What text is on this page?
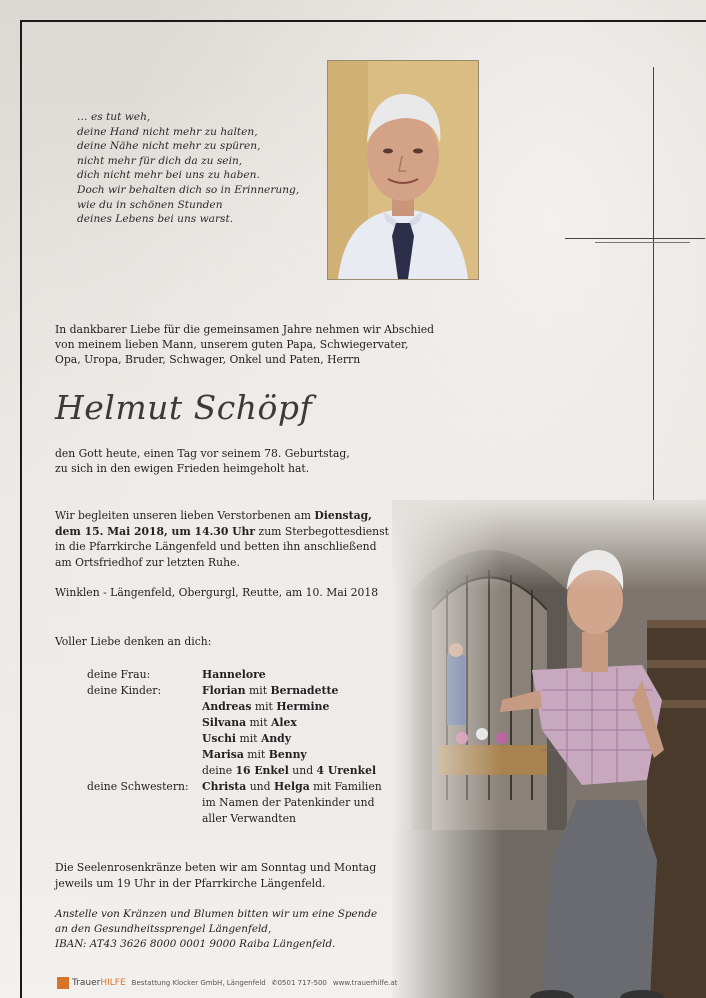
… es tut weh,
deine Hand nicht mehr zu halten,
deine Nähe nicht mehr zu spüren,
nicht mehr für dich da zu sein,
dich nicht mehr bei uns zu haben.
Doch wir behalten dich so in Erinnerung,
wie du in schönen Stunden
deines Lebens bei uns warst.
In dankbarer Liebe für die gemeinsamen Jahre nehmen wir Abschied
von meinem lieben Mann, unserem guten Papa, Schwiegervater,
Opa, Uropa, Bruder, Schwager, Onkel und Paten, Herrn
Helmut Schöpf
den Gott heute, einen Tag vor seinem 78. Geburtstag,
zu sich in den ewigen Frieden heimgeholt hat.
Wir begleiten unseren lieben Verstorbenen am Dienstag,
dem 15. Mai 2018, um 14.30 Uhr zum Sterbegottesdienst
in die Pfarrkirche Längenfeld und betten ihn anschließend
am Ortsfriedhof zur letzten Ruhe.
Winklen - Längenfeld, Obergurgl, Reutte, am 10. Mai 2018
Voller Liebe denken an dich:
deine Frau:	Hannelore
deine Kinder:	Florian mit Bernadette
Andreas mit Hermine
Silvana mit Alex
Uschi mit Andy
Marisa mit Benny
deine 16 Enkel und 4 Urenkel
deine Schwestern: Christa und Helga mit Familien
im Namen der Patenkinder und
aller Verwandten
Die Seelenrosenkränze beten wir am Sonntag und Montag
jeweils um 19 Uhr in der Pfarrkirche Längenfeld.
Anstelle von Kränzen und Blumen bitten wir um eine Spende
an den Gesundheitssprengel Längenfeld,
IBAN: AT43 3626 8000 0001 9000 Raiba Längenfeld.
TrauerHILFE Bestattung Klocker GmbH, Längenfeld ✆0501 717-500 www.trauerhilfe.at
